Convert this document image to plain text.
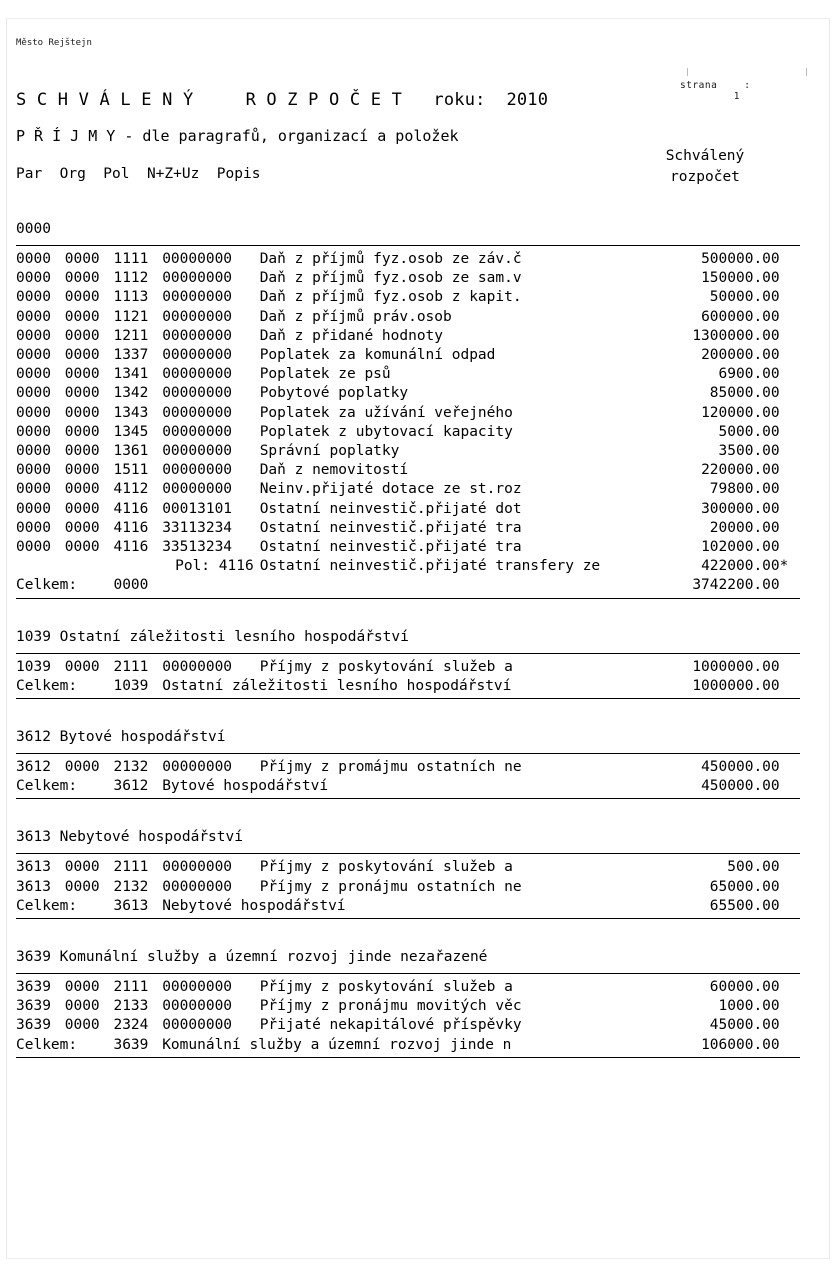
Město Rejštejn
strana	:1
S C H V Á L E N Ý     R O Z P O Č E T   roku:  2010
P Ř Í J M Y - dle paragrafů, organizací a položek
Par  Org  Pol  N+Z+Uz  Popis
Schválený
rozpočet
0000
0000	0000	1111	00000000	Daň z příjmů fyz.osob ze záv.č	500000.00	
0000	0000	1112	00000000	Daň z příjmů fyz.osob ze sam.v	150000.00	
0000	0000	1113	00000000	Daň z příjmů fyz.osob z kapit.	50000.00	
0000	0000	1121	00000000	Daň z příjmů práv.osob	600000.00	
0000	0000	1211	00000000	Daň z přidané hodnoty	1300000.00	
0000	0000	1337	00000000	Poplatek za komunální odpad	200000.00	
0000	0000	1341	00000000	Poplatek ze psů	6900.00	
0000	0000	1342	00000000	Pobytové poplatky	85000.00	
0000	0000	1343	00000000	Poplatek za užívání veřejného	120000.00	
0000	0000	1345	00000000	Poplatek z ubytovací kapacity	5000.00	
0000	0000	1361	00000000	Správní poplatky	3500.00	
0000	0000	1511	00000000	Daň z nemovitostí	220000.00	
0000	0000	4112	00000000	Neinv.přijaté dotace ze st.roz	79800.00	
0000	0000	4116	00013101	Ostatní neinvestič.přijaté dot	300000.00	
0000	0000	4116	33113234	Ostatní neinvestič.přijaté tra	20000.00	
0000	0000	4116	33513234	Ostatní neinvestič.přijaté tra	102000.00	
Pol: 4116				Ostatní neinvestič.přijaté transfery ze	422000.00	*
Celkem:		0000			3742200.00	
1039 Ostatní záležitosti lesního hospodářství
1039	0000	2111	00000000	Příjmy z poskytování služeb a	1000000.00	
Celkem:		1039	Ostatní záležitosti lesního hospodářství		1000000.00	
3612 Bytové hospodářství
3612	0000	2132	00000000	Příjmy z promájmu ostatních ne	450000.00	
Celkem:		3612	Bytové hospodářství		450000.00	
3613 Nebytové hospodářství
3613	0000	2111	00000000	Příjmy z poskytování služeb a	500.00	
3613	0000	2132	00000000	Příjmy z pronájmu ostatních ne	65000.00	
Celkem:		3613	Nebytové hospodářství		65500.00	
3639 Komunální služby a územní rozvoj jinde nezařazené
3639	0000	2111	00000000	Příjmy z poskytování služeb a	60000.00	
3639	0000	2133	00000000	Příjmy z pronájmu movitých věc	1000.00	
3639	0000	2324	00000000	Přijaté nekapitálové příspěvky	45000.00	
Celkem:		3639	Komunální služby a územní rozvoj jinde n		106000.00	
